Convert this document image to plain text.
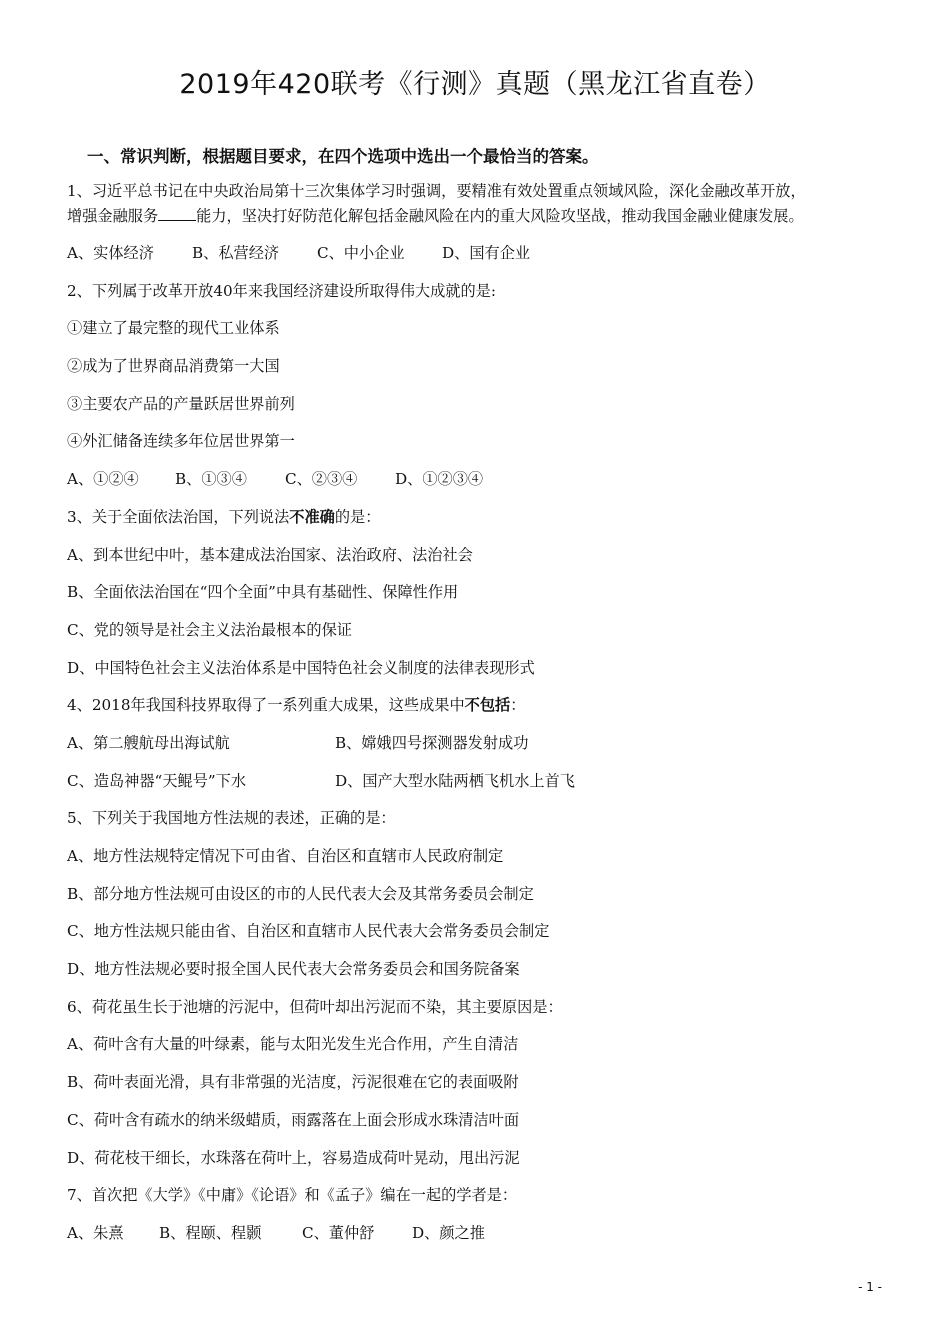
2019年420联考《行测》真题（黑龙江省直卷）
一、常识判断，根据题目要求，在四个选项中选出一个最恰当的答案。
1、习近平总书记在中央政治局第十三次集体学习时强调，要精准有效处置重点领域风险，深化金融改革开放，
增强金融服务	能力，坚决打好防范化解包括金融风险在内的重大风险攻坚战，推动我国金融业健康发展。
A、实体经济	B、私营经济 C、中小企业 D、国有企业
2、下列属于改革开放40年来我国经济建设所取得伟大成就的是:
①建立了最完整的现代工业体系
②成为了世界商品消费第一大国
③主要农产品的产量跃居世界前列
④外汇储备连续多年位居世界第一
A、①②④ B、①③④	C、②③④ D、①②③④
3、关于全面依法治国，下列说法不准确的是：
A、到本世纪中叶，基本建成法治国家、法治政府、法治社会
B、全面依法治国在“四个全面”中具有基础性、保障性作用
C、党的领导是社会主义法治最根本的保证
D、中国特色社会主义法治体系是中国特色社会义制度的法律表现形式
4、2018年我国科技界取得了一系列重大成果，这些成果中不包括：
A、第二艘航母出海试航	B、嫦娥四号探测器发射成功
C、造岛神器“天鲲号”下水	D、国产大型水陆两栖飞机水上首飞
5、下列关于我国地方性法规的表述，正确的是：
A、地方性法规特定情况下可由省、自治区和直辖市人民政府制定
B、部分地方性法规可由设区的市的人民代表大会及其常务委员会制定
C、地方性法规只能由省、自治区和直辖市人民代表大会常务委员会制定
D、地方性法规必要时报全国人民代表大会常务委员会和国务院备案
6、荷花虽生长于池塘的污泥中，但荷叶却出污泥而不染，其主要原因是：
A、荷叶含有大量的叶绿素，能与太阳光发生光合作用，产生自清洁
B、荷叶表面光滑，具有非常强的光洁度，污泥很难在它的表面吸附
C、荷叶含有疏水的纳米级蜡质，雨露落在上面会形成水珠清洁叶面
D、荷花枝干细长，水珠落在荷叶上，容易造成荷叶晃动，甩出污泥
7、首次把《大学》《中庸》《论语》和《孟子》编在一起的学者是：
A、朱熹 B、程颐、程颢	C、董仲舒 D、颜之推
- 1 -
